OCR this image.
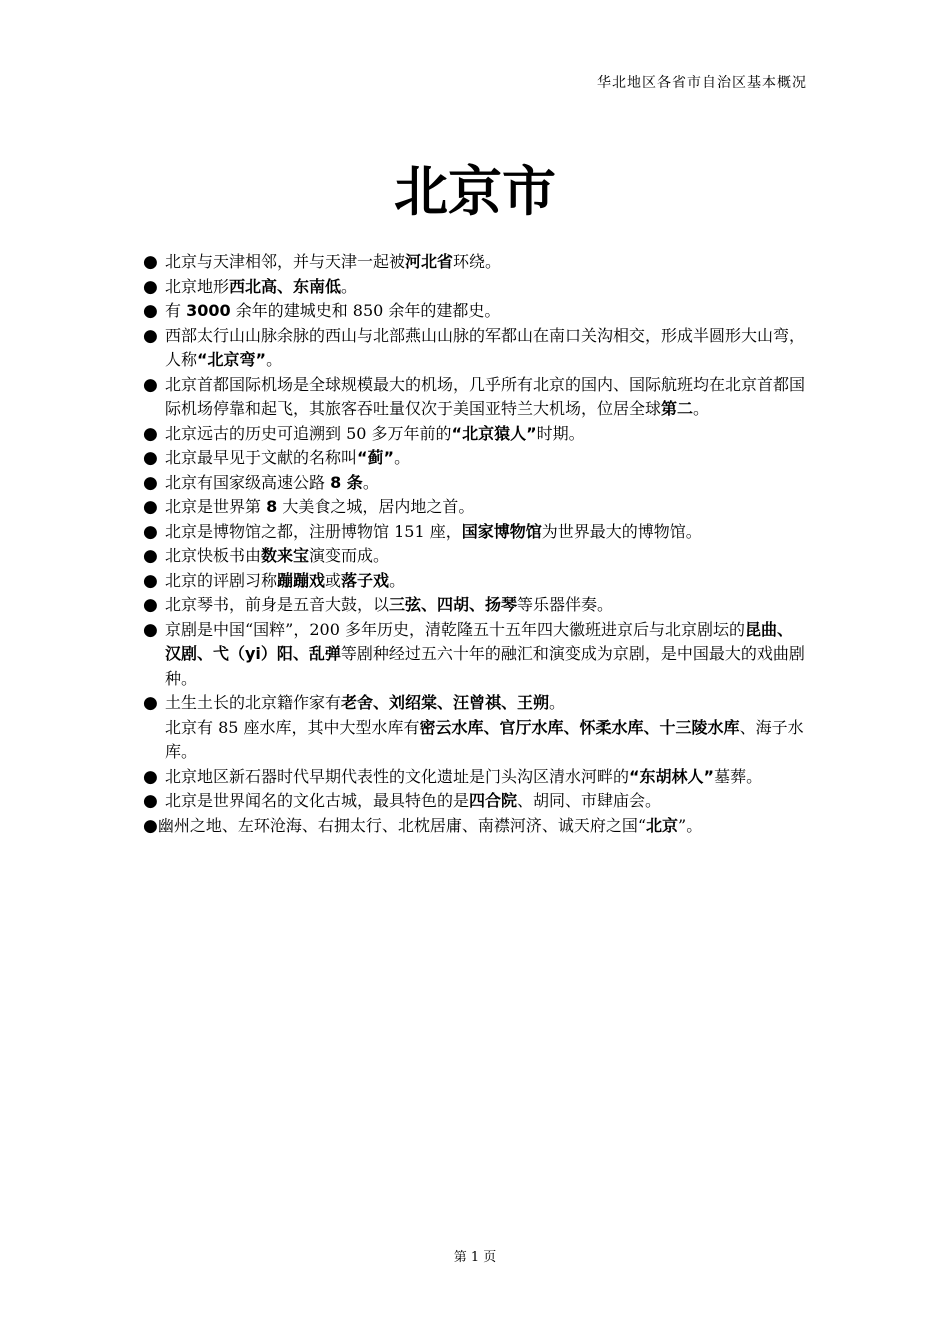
华北地区各省市自治区基本概况
北京市
● 北京与天津相邻，并与天津一起被河北省环绕。
● 北京地形西北高、东南低。
● 有 3000 余年的建城史和 850 余年的建都史。
● 西部太行山山脉余脉的西山与北部燕山山脉的军都山在南口关沟相交，形成半圆形大山弯，人称“北京弯”。
● 北京首都国际机场是全球规模最大的机场，几乎所有北京的国内、国际航班均在北京首都国际机场停靠和起飞，其旅客吞吐量仅次于美国亚特兰大机场，位居全球第二。
● 北京远古的历史可追溯到 50 多万年前的“北京猿人”时期。
● 北京最早见于文献的名称叫“蓟”。
● 北京有国家级高速公路 8 条。
● 北京是世界第 8 大美食之城，居内地之首。
● 北京是博物馆之都，注册博物馆 151 座，国家博物馆为世界最大的博物馆。
● 北京快板书由数来宝演变而成。
● 北京的评剧习称蹦蹦戏或落子戏。
● 北京琴书，前身是五音大鼓，以三弦、四胡、扬琴等乐器伴奏。
● 京剧是中国“国粹”，200 多年历史，清乾隆五十五年四大徽班进京后与北京剧坛的昆曲、汉剧、弋（yi）阳、乱弹等剧种经过五六十年的融汇和演变成为京剧，是中国最大的戏曲剧种。
● 土生土长的北京籍作家有老舍、刘绍棠、汪曾祺、王朔。
北京有 85 座水库，其中大型水库有密云水库、官厅水库、怀柔水库、十三陵水库、海子水库。
● 北京地区新石器时代早期代表性的文化遗址是门头沟区清水河畔的“东胡林人”墓葬。
● 北京是世界闻名的文化古城，最具特色的是四合院、胡同、市肆庙会。
●幽州之地、左环沧海、右拥太行、北枕居庸、南襟河济、诚天府之国“北京”。
第 1 页
